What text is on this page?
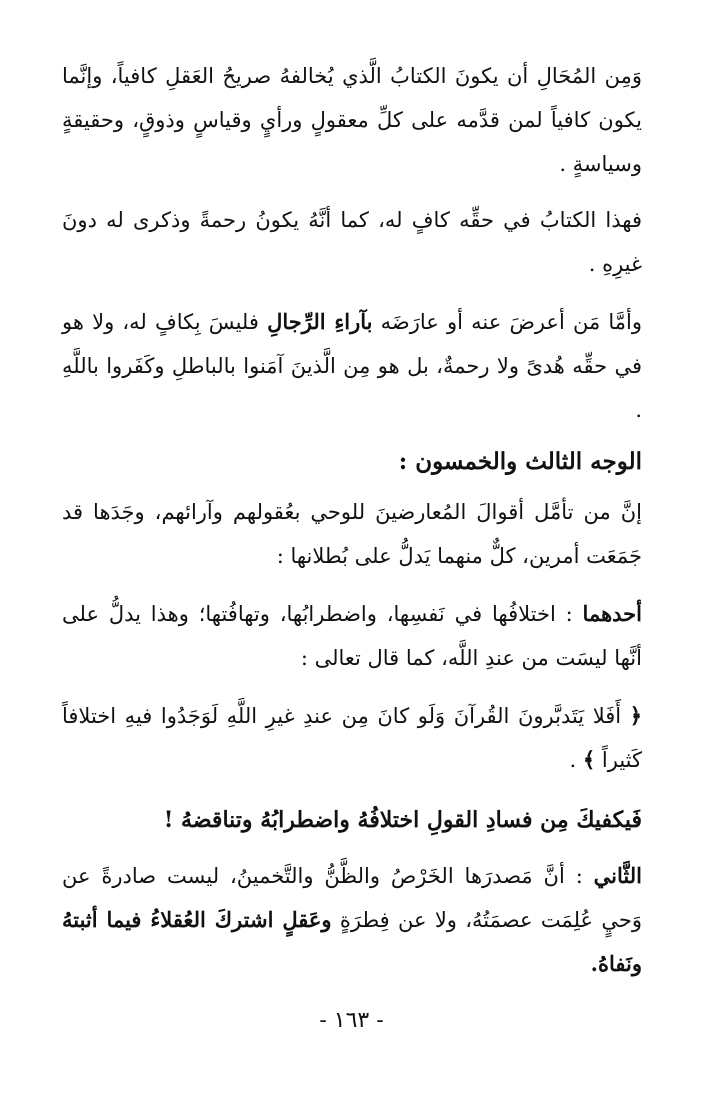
وَمِن المُحَالِ أن يكونَ الكتابُ الَّذي يُخالفهُ صريحُ العَقلِ كافياً، وإنَّما يكون كافياً لمن قدَّمه على كلِّ معقولٍ ورأيٍ وقياسٍ وذوقٍ، وحقيقةٍ وسياسةٍ .

فهذا الكتابُ في حقِّه كافٍ له، كما أنَّهُ يكونُ رحمةً وذكرى له دونَ غيرِهِ .

وأمَّا مَن أعرضَ عنه أو عارَضَه بآراءِ الرِّجالِ فليسَ بِكافٍ له، ولا هو في حقِّه هُدىً ولا رحمةٌ، بل هو مِن الَّذينَ آمَنوا بالباطلِ وكَفَروا باللَّهِ .

الوجه الثالث والخمسون :

إنَّ من تأمَّل أقوالَ المُعارضينَ للوحي بعُقولهم وآرائهم، وجَدَها قد جَمَعَت أمرين، كلٌّ منهما يَدلُّ على بُطلانها :

أحدهما : اختلافُها في نَفسِها، واضطرابُها، وتهافُتها؛ وهذا يدلُّ على أنَّها ليسَت من عندِ اللَّه، كما قال تعالى :

﴿ أَفَلا يَتَدبَّرونَ القُرآنَ وَلَو كانَ مِن عندِ غيرِ اللَّهِ لَوَجَدُوا فيهِ اختلافاً كَثيراً ﴾ .

فَيكفيكَ مِن فسادِ القولِ اختلافُهُ واضطرابُهُ وتناقضهُ !

الثَّاني : أنَّ مَصدرَها الخَرْصُ والظَّنُّ والتَّخمينُ، ليست صادرةً عن وَحيٍ عُلِمَت عصمَتُهُ، ولا عن فِطرَةٍ وعَقلٍ اشتركَ العُقلاءُ فيما أثبتهُ ونَفاهُ.

- ١٦٣ -
